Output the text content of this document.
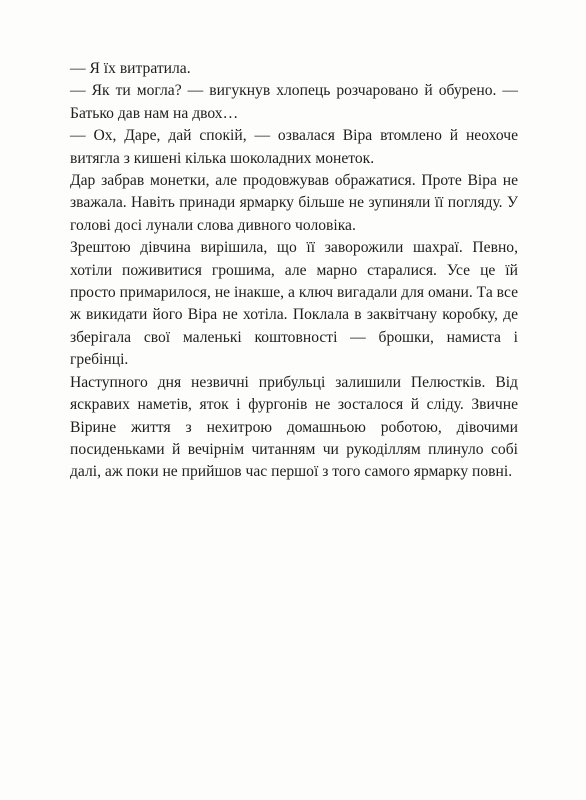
— Я їх витратила.

— Як ти могла? — вигукнув хлопець розчаровано й обурено. — Батько дав нам на двох…

— Ох, Даре, дай спокій, — озвалася Віра втомлено й неохоче витягла з кишені кілька шоколадних монеток.

Дар забрав монетки, але продовжував ображатися. Проте Віра не зважала. Навіть принади ярмарку більше не зупиняли її погляду. У голові досі лунали слова дивного чоловіка.

Зрештою дівчина вирішила, що її заворожили шахраї. Певно, хотіли поживитися грошима, але марно старалися. Усе це їй просто примарилося, не інакше, а ключ вигадали для омани. Та все ж викидати його Віра не хотіла. Поклала в заквітчану коробку, де зберігала свої маленькі коштовності — брошки, намиста і гребінці.

Наступного дня незвичні прибульці залишили Пелюстків. Від яскравих наметів, яток і фургонів не зосталося й сліду. Звичне Вірине життя з нехитрою домашньою роботою, дівочими посиденьками й вечірнім читанням чи рукоділлям плинуло собі далі, аж поки не прийшов час першої з того самого ярмарку повні.
